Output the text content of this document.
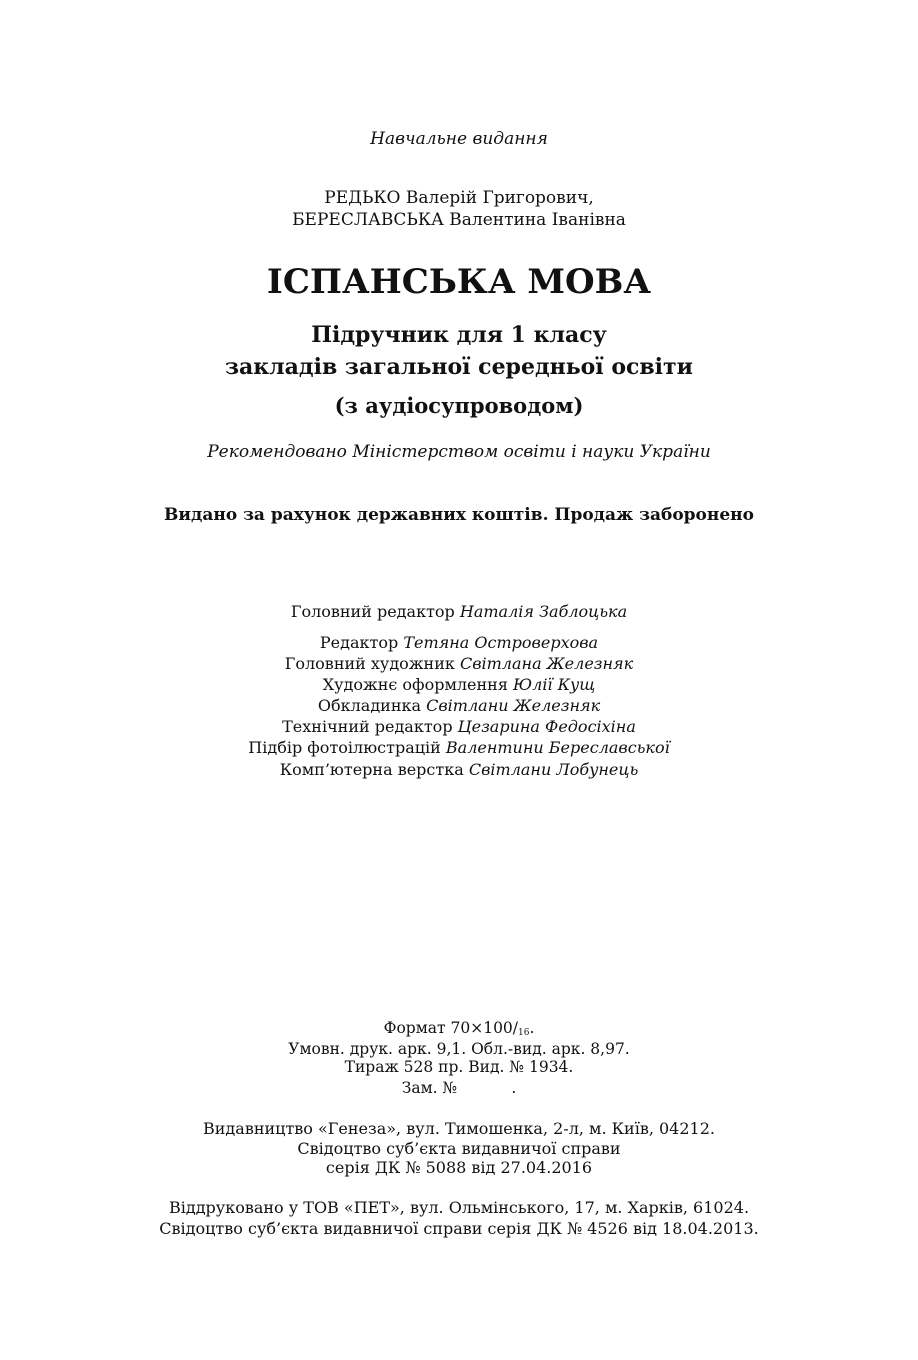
Навчальне видання
РЕДЬКО Валерій Григорович,
БЕРЕСЛАВСЬКА Валентина Іванівна
ІСПАНСЬКА МОВА
Підручник для 1 класу
закладів загальної середньої освіти
(з аудіосупроводом)
Рекомендовано Міністерством освіти і науки України
Видано за рахунок державних коштів. Продаж заборонено
Головний редактор Наталія Заблоцька
Редактор Тетяна Островерхова
Головний художник Світлана Железняк
Художнє оформлення Юлії Кущ
Обкладинка Світлани Железняк
Технічний редактор Цезарина Федосіхіна
Підбір фотоілюстрацій Валентини Береславської
Комп’ютерна верстка Світлани Лобунець
Формат $70\times 100/_{16}$.
Умовн. друк. арк. 9,1. Обл.-вид. арк. 8,97.
Тираж 528 пр. Вид. № 1934.
Зам. №           .
Видавництво «Генеза», вул. Тимошенка, 2-л, м. Київ, 04212.
Свідоцтво суб’єкта видавничої справи
серія ДК № 5088 від 27.04.2016
Віддруковано у ТОВ «ПЕТ», вул. Ольмінського, 17, м. Харків, 61024.
Свідоцтво суб’єкта видавничої справи серія ДК № 4526 від 18.04.2013.
